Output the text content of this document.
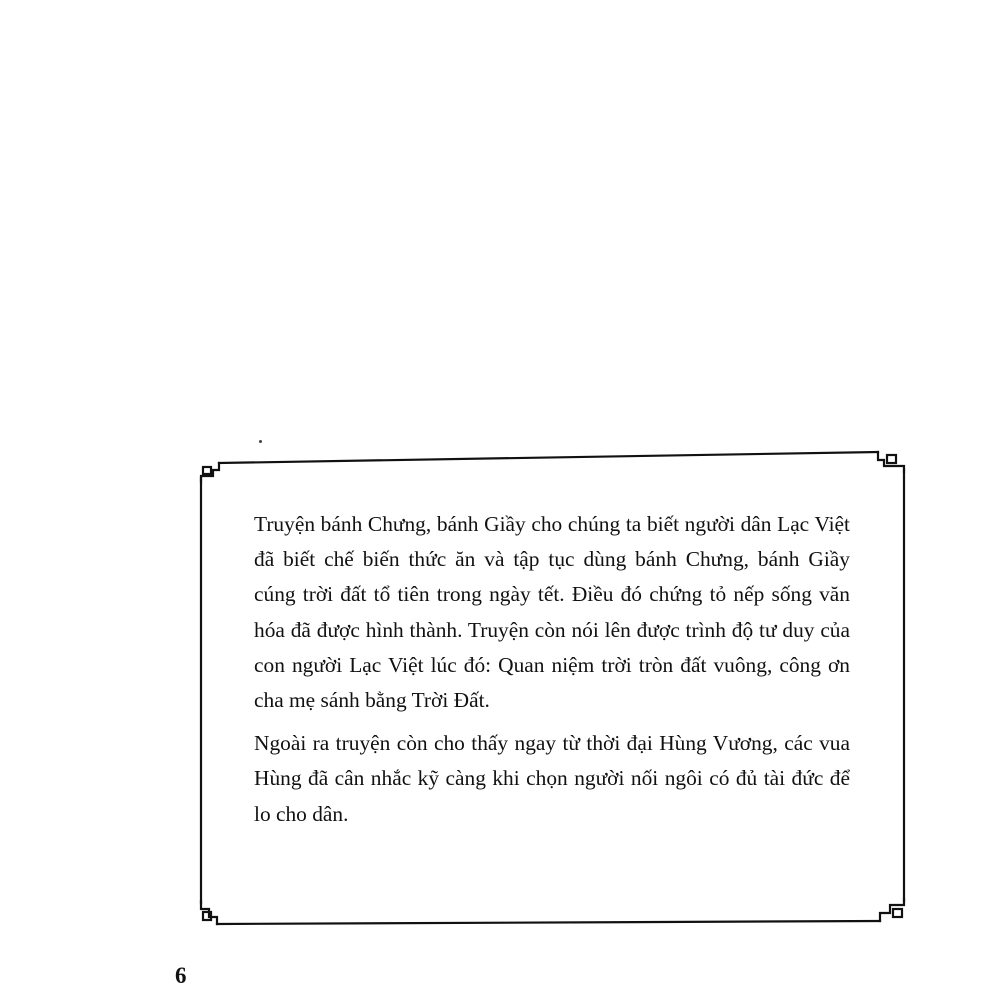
Truyện bánh Chưng, bánh Giầy cho chúng ta biết người dân Lạc Việt đã biết chế biến thức ăn và tập tục dùng bánh Chưng, bánh Giầy cúng trời đất tổ tiên trong ngày tết. Điều đó chứng tỏ nếp sống văn hóa đã được hình thành. Truyện còn nói lên được trình độ tư duy của con người Lạc Việt lúc đó: Quan niệm trời tròn đất vuông, công ơn cha mẹ sánh bằng Trời Đất.

Ngoài ra truyện còn cho thấy ngay từ thời đại Hùng Vương, các vua Hùng đã cân nhắc kỹ càng khi chọn người nối ngôi có đủ tài đức để lo cho dân.

6
